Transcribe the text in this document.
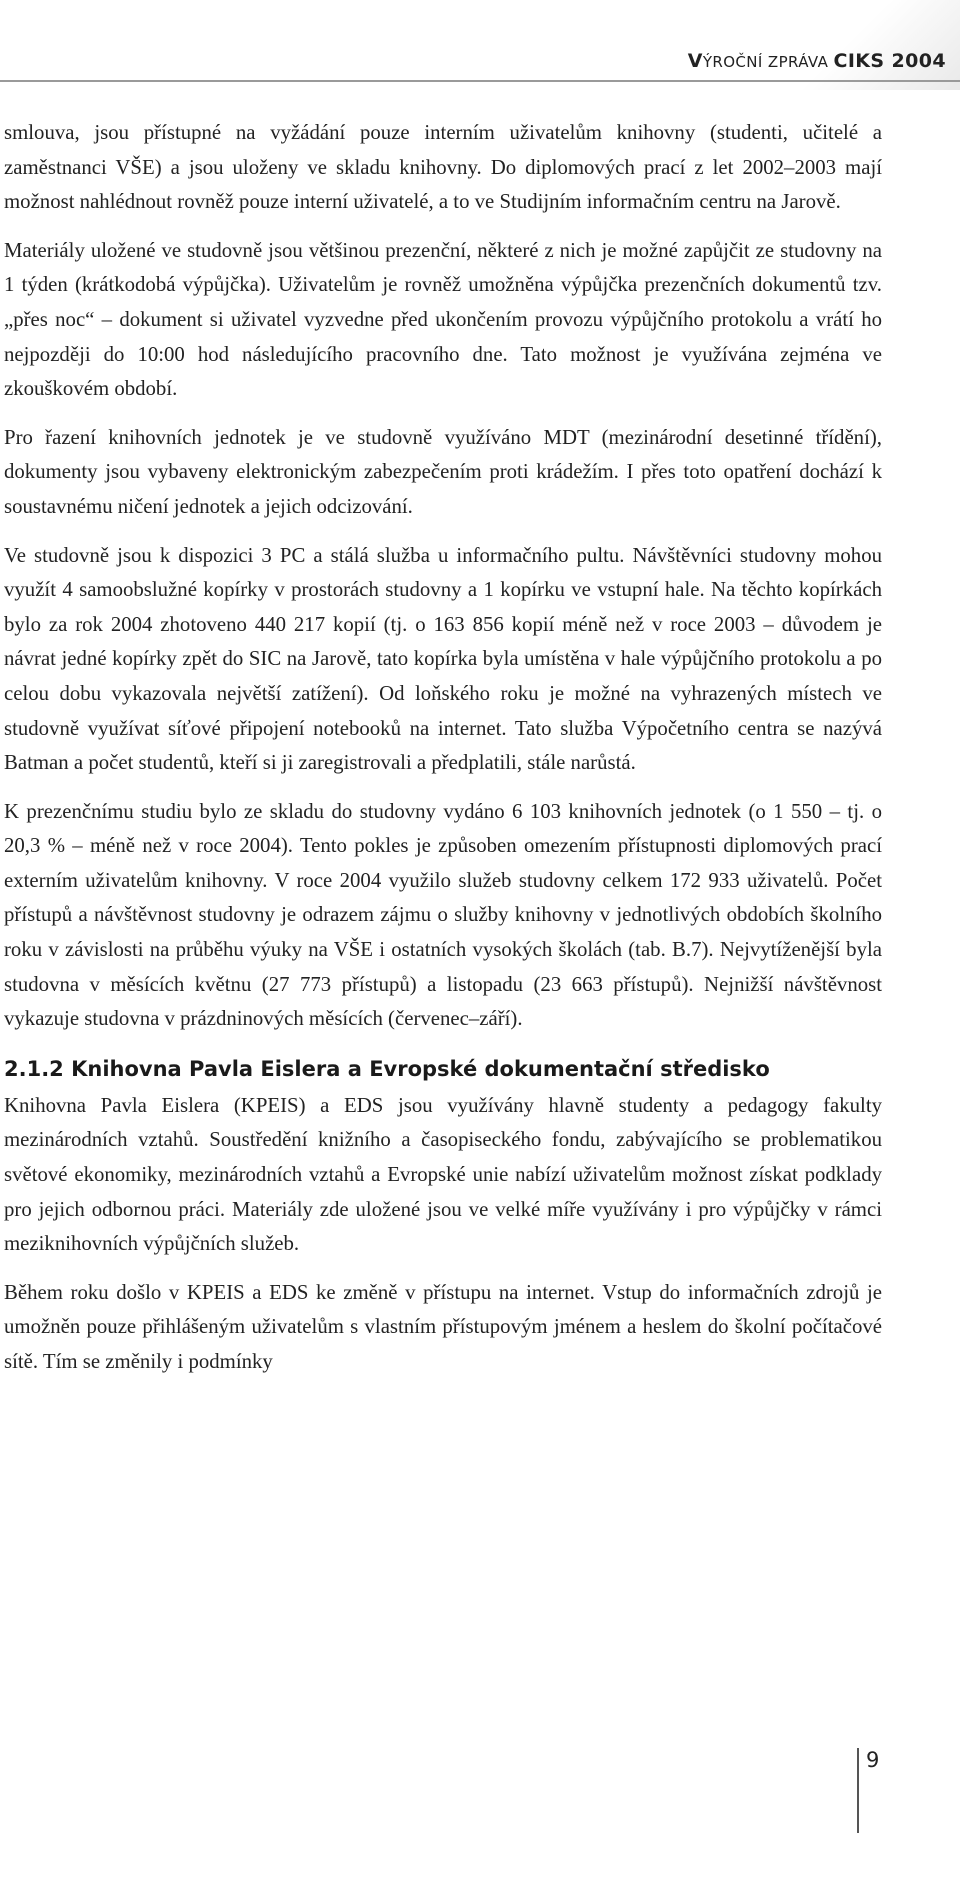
VÝROČNÍ ZPRÁVA CIKS 2004

smlouva, jsou přístupné na vyžádání pouze interním uživatelům knihovny (studenti, učitelé a zaměstnanci VŠE) a jsou uloženy ve skladu knihovny. Do diplomových prací z let 2002–2003 mají možnost nahlédnout rovněž pouze interní uživatelé, a to ve Studijním informačním centru na Jarově.

Materiály uložené ve studovně jsou většinou prezenční, některé z nich je možné zapůjčit ze studovny na 1 týden (krátkodobá výpůjčka). Uživatelům je rovněž umožněna výpůjčka prezenčních dokumentů tzv. „přes noc“ – dokument si uživatel vyzvedne před ukončením provozu výpůjčního protokolu a vrátí ho nejpozději do 10:00 hod následujícího pracovního dne. Tato možnost je využívána zejména ve zkouškovém období.

Pro řazení knihovních jednotek je ve studovně využíváno MDT (mezinárodní desetinné třídění), dokumenty jsou vybaveny elektronickým zabezpečením proti krádežím. I přes toto opatření dochází k soustavnému ničení jednotek a jejich odcizování.

Ve studovně jsou k dispozici 3 PC a stálá služba u informačního pultu. Návštěvníci studovny mohou využít 4 samoobslužné kopírky v prostorách studovny a 1 kopírku ve vstupní hale. Na těchto kopírkách bylo za rok 2004 zhotoveno 440 217 kopií (tj. o 163 856 kopií méně než v roce 2003 – důvodem je návrat jedné kopírky zpět do SIC na Jarově, tato kopírka byla umístěna v hale výpůjčního protokolu a po celou dobu vykazovala největší zatížení). Od loňského roku je možné na vyhrazených místech ve studovně využívat síťové připojení notebooků na internet. Tato služba Výpočetního centra se nazývá Batman a počet studentů, kteří si ji zaregistrovali a předplatili, stále narůstá.

K prezenčnímu studiu bylo ze skladu do studovny vydáno 6 103 knihovních jednotek (o 1 550 – tj. o 20,3 % – méně než v roce 2004). Tento pokles je způsoben omezením přístupnosti diplomových prací externím uživatelům knihovny. V roce 2004 využilo služeb studovny celkem 172 933 uživatelů. Počet přístupů a návštěvnost studovny je odrazem zájmu o služby knihovny v jednotlivých obdobích školního roku v závislosti na průběhu výuky na VŠE i ostatních vysokých školách (tab. B.7). Nejvytíženější byla studovna v měsících květnu (27 773 přístupů) a listopadu (23 663 přístupů). Nejnižší návštěvnost vykazuje studovna v prázdninových měsících (červenec–září).

2.1.2 Knihovna Pavla Eislera a Evropské dokumentační středisko

Knihovna Pavla Eislera (KPEIS) a EDS jsou využívány hlavně studenty a pedagogy fakulty mezinárodních vztahů. Soustředění knižního a časopiseckého fondu, zabývajícího se problematikou světové ekonomiky, mezinárodních vztahů a Evropské unie nabízí uživatelům možnost získat podklady pro jejich odbornou práci. Materiály zde uložené jsou ve velké míře využívány i pro výpůjčky v rámci meziknihovních výpůjčních služeb.

Během roku došlo v KPEIS a EDS ke změně v přístupu na internet. Vstup do informačních zdrojů je umožněn pouze přihlášeným uživatelům s vlastním přístupovým jménem a heslem do školní počítačové sítě. Tím se změnily i podmínky

9
